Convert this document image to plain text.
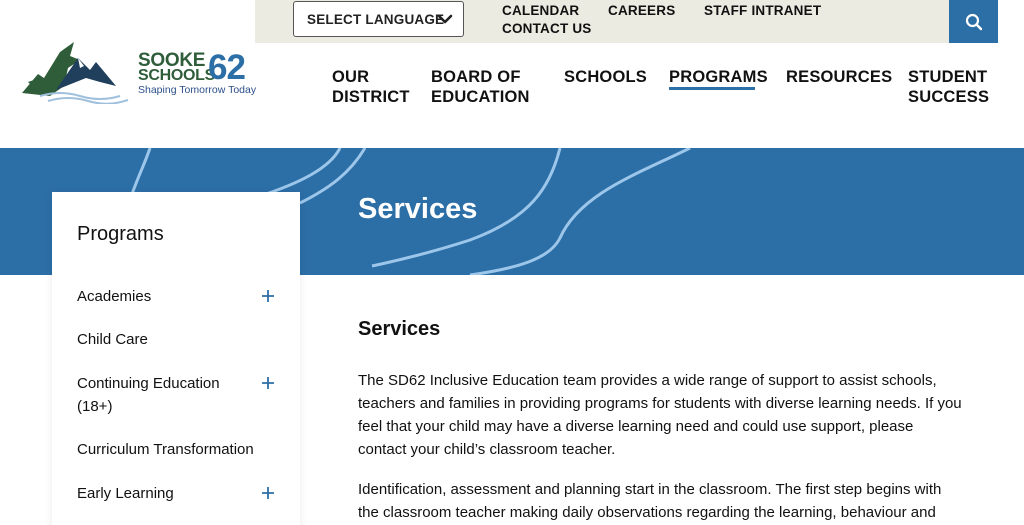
SELECT LANGUAGE
CALENDAR CAREERS STAFF INTRANET
CONTACT US
SOOKE
SCHOOLS
62
Shaping Tomorrow Today
OUR
DISTRICT
BOARD OF
EDUCATION
SCHOOLS PROGRAMS RESOURCES STUDENT
SUCCESS
Services
Programs
Academies
Child Care
Continuing Education (18+)
Curriculum Transformation
Early Learning
Services

The SD62 Inclusive Education team provides a wide range of support to assist schools, teachers and families in providing programs for students with diverse learning needs. If you feel that your child may have a diverse learning need and could use support, please contact your child’s classroom teacher.

Identification, assessment and planning start in the classroom. The first step begins with the classroom teacher making daily observations regarding the learning, behaviour and
